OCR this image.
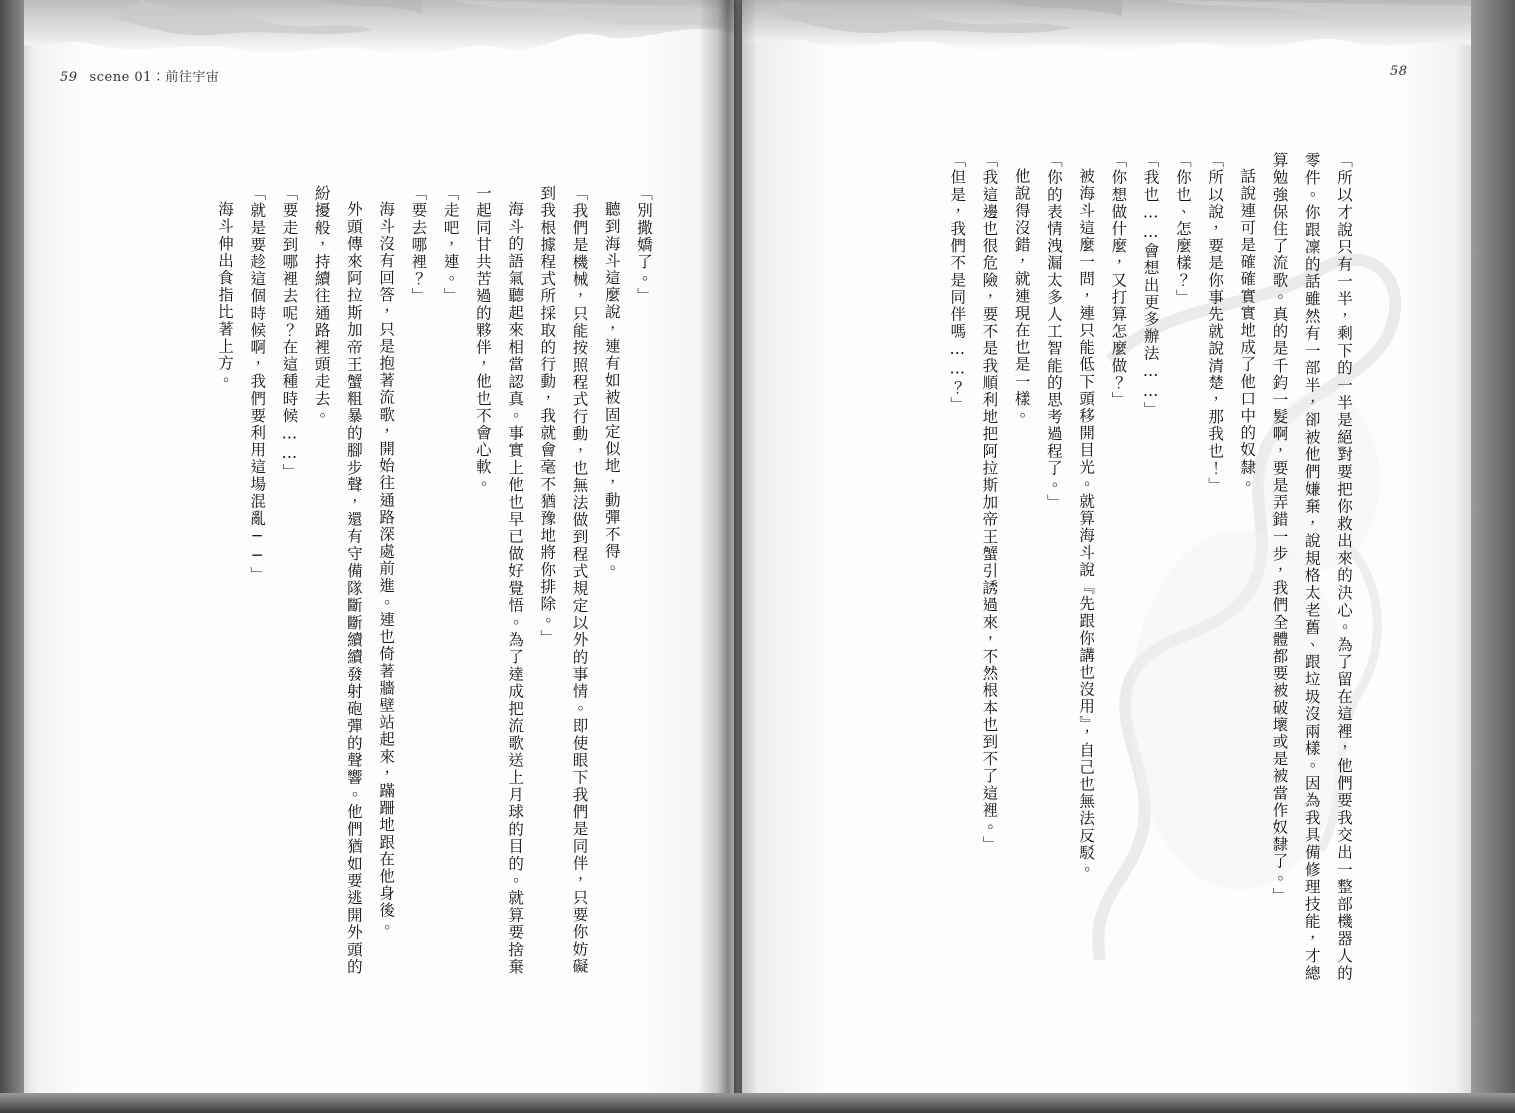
59 scene 01：前往宇宙

「別撒嬌了。」

聽到海斗這麼說，連有如被固定似地，動彈不得。

「我們是機械，只能按照程式行動，也無法做到程式規定以外的事情。即使眼下我們是同伴，只要你妨礙到我根據程式所採取的行動，我就會毫不猶豫地將你排除。」

海斗的語氣聽起來相當認真。事實上他也早已做好覺悟。為了達成把流歌送上月球的目的。就算要捨棄一起同甘共苦過的夥伴，他也不會心軟。

「走吧，連。」

「要去哪裡？」

海斗沒有回答，只是抱著流歌，開始往通路深處前進。連也倚著牆壁站起來，蹣跚地跟在他身後。

外頭傳來阿拉斯加帝王蟹粗暴的腳步聲，還有守備隊斷斷續續發射砲彈的聲響。他們猶如要逃開外頭的紛擾般，持續往通路裡頭走去。

「要走到哪裡去呢？在這種時候……」

「就是要趁這個時候啊，我們要利用這場混亂──」

海斗伸出食指比著上方。

58

「所以才說只有一半，剩下的一半是絕對要把你救出來的決心。為了留在這裡，他們要我交出一整部機器人的零件。你跟凜的話雖然有一部半，卻被他們嫌棄，說規格太老舊、跟垃圾沒兩樣。因為我具備修理技能，才總算勉強保住了流歌。真的是千鈞一髮啊，要是弄錯一步，我們全體都要被破壞或是被當作奴隸了。」

話說連可是確確實實地成了他口中的奴隸。

「所以說，要是你事先就說清楚，那我也！」

「你也、怎麼樣？」

「我也……會想出更多辦法……」

「你想做什麼，又打算怎麼做？」

被海斗這麼一問，連只能低下頭移開目光。就算海斗說『先跟你講也沒用』，自己也無法反駁。

「你的表情洩漏太多人工智能的思考過程了。」

他說得沒錯，就連現在也是一樣。

「我這邊也很危險，要不是我順利地把阿拉斯加帝王蟹引誘過來，不然根本也到不了這裡。」

「但是，我們不是同伴嗎……？」
